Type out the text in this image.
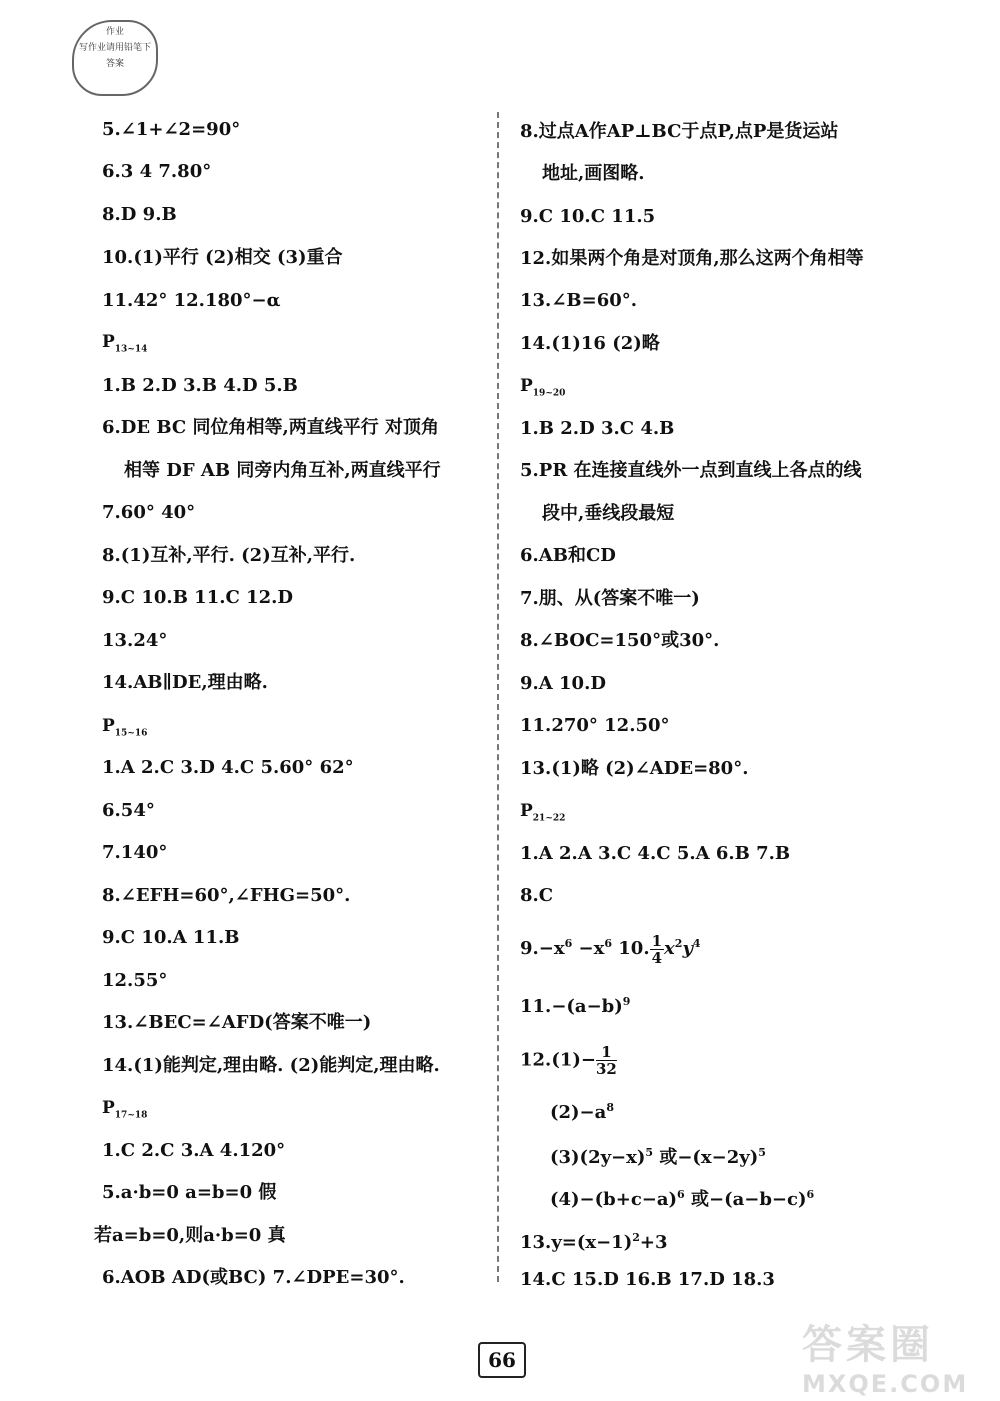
作业
写作业请用铅笔下
答案
5.∠1+∠2=90°
6.3 4 7.80°
8.D 9.B
10.(1)平行 (2)相交 (3)重合
11.42° 12.180°−α
$P_{13\sim 14}$
1.B 2.D 3.B 4.D 5.B
6.DE BC 同位角相等,两直线平行 对顶角
相等 DF AB 同旁内角互补,两直线平行
7.60° 40°
8.(1)互补,平行. (2)互补,平行.
9.C 10.B 11.C 12.D
13.24°
14.AB∥DE,理由略.
$P_{15\sim 16}$
1.A 2.C 3.D 4.C 5.60° 62°
6.54°
7.140°
8.∠EFH=60°,∠FHG=50°.
9.C 10.A 11.B
12.55°
13.∠BEC=∠AFD(答案不唯一)
14.(1)能判定,理由略. (2)能判定,理由略.
$P_{17\sim 18}$
1.C 2.C 3.A 4.120°
5.a·b=0 a=b=0 假
若a=b=0,则a·b=0 真
6.AOB AD(或BC) 7.∠DPE=30°.
8.过点A作AP⊥BC于点P,点P是货运站
地址,画图略.
9.C 10.C 11.5
12.如果两个角是对顶角,那么这两个角相等
13.∠B=60°.
14.(1)16 (2)略
$P_{19\sim 20}$
1.B 2.D 3.C 4.B
5.PR 在连接直线外一点到直线上各点的线
段中,垂线段最短
6.AB和CD
7.朋、从(答案不唯一)
8.∠BOC=150°或30°.
9.A 10.D
11.270° 12.50°
13.(1)略 (2)∠ADE=80°.
$P_{21\sim 22}$
1.A 2.A 3.C 4.C 5.A 6.B 7.B
8.C
$9.-x^6 -x^6$ 10. $\frac{1}{4} x^2y^4$
$11.-(a-b)^9$
$12.(1)- \frac{1}{32}$
$(2)-a^8$
$(3)(2y-x)^5$ 或$-(x-2y)^5$
$(4)-(b+c-a)^6$ 或$-(a-b-c)^6$
$13.y=(x-1)^2+3$
14.C 15.D 16.B 17.D 18.3
66	答案圈
MXQE.COM
